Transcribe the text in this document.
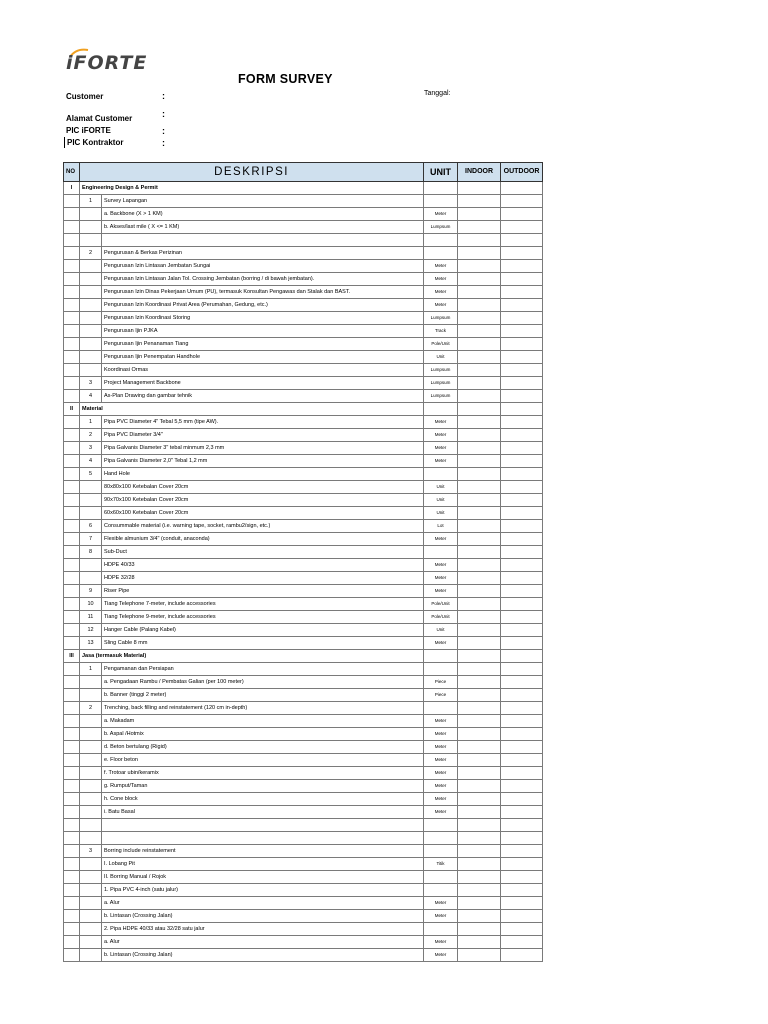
iFORTE
FORM SURVEY
Tanggal:
Customer	:
Alamat Customer	:
PIC iFORTE	:
PIC Kontraktor	:
NO	DESKRIPSI		UNIT	INDOOR	OUTDOOR
I	Engineering Design & Permit				
	1	Survey Lapangan			
		a. Backbone (X > 1 KM)	Meter		
		b. Akses/last mile ( X <= 1 KM)	Lumpsum		

	2	Pengurusan & Berkas Perizinan			
		Pengurusan Izin Lintasan Jembatan Sungai	Meter		
		Pengurusan Izin Lintasan Jalan Tol. Crossing Jembatan (borring / di bawah jembatan).	Meter		
		Pengurusan Izin Dinas Pekerjaan Umum (PU), termasuk Konsultan Pengawas dan Stalak dan BAST.	Meter		
		Pengurusan Izin Koordinasi Privat Area (Perumahan, Gedung, etc.)	Meter		
		Pengurusan Izin Koordinasi Storing	Lumpsum		
		Pengurusan Ijin PJKA	Track		
		Pengurusan Ijin Penanaman Tiang	Pole/Unit		
		Pengurusan Ijin Penempatan Handhole	Unit		
		Koordinasi Ormas	Lumpsum		
	3	Project Management Backbone	Lumpsum		
	4	As-Plan Drawing dan gambar tehnik	Lumpsum		
II	Material				
	1	Pipa PVC Diameter 4" Tebal 5,5 mm (tipe AW).	Meter		
	2	Pipa PVC Diameter 3/4"	Meter		
	3	Pipa Galvanis Diameter 3" tebal minmum 2,3 mm	Meter		
	4	Pipa Galvanis Diameter 2,0" Tebal 1,2 mm	Meter		
	5	Hand Hole			
		80x80x100 Ketebalan Cover 20cm	Unit		
		90x70x100 Ketebalan Cover 20cm	Unit		
		60x60x100 Ketebalan Cover 20cm	Unit		
	6	Consummable material (i.e. warning tape, socket, rambu2/sign, etc.)	Lot		
	7	Flexible almunium 3/4" (conduit, anaconda)	Meter		
	8	Sub-Duct			
		HDPE 40/33	Meter		
		HDPE 32/28	Meter		
	9	Riser Pipe	Meter		
	10	Tiang Telephone 7-meter, include accessories	Pole/Unit		
	11	Tiang Telephone 9-meter, include accessories	Pole/Unit		
	12	Hanger Cable (Palang Kabel)	Unit		
	13	Sling Cable 8 mm	Meter		
III	Jasa (termasuk Material)				
	1	Pengamanan dan Persiapan			
		a. Pengadaan Rambu / Pembatas Galian (per 100 meter)	Piece		
		b. Banner (tinggi 2 meter)	Piece		
	2	Trenching, back filling and reinstatement (120 cm in-depth)			
		a. Makadam	Meter		
		b. Aspal /Hotmix	Meter		
		d. Beton bertulang (Rigid)	Meter		
		e. Floor beton	Meter		
		f. Trotoar ubin/keramix	Meter		
		g. Rumput/Taman	Meter		
		h. Cone block	Meter		
		i. Batu Basal	Meter		

	3	Borring include reinstatement			
		I. Lobang Pit	Titik		
		II. Borring Manual / Rojok			
		1. Pipa PVC 4-inch (satu jalur)			
		a. Alur	Meter		
		b. Lintasan (Crossing Jalan)	Meter		
		2. Pipa HDPE 40/33 atau 32/28 satu jalur			
		a. Alur	Meter		
		b. Lintasan (Crossing Jalan)	Meter		
